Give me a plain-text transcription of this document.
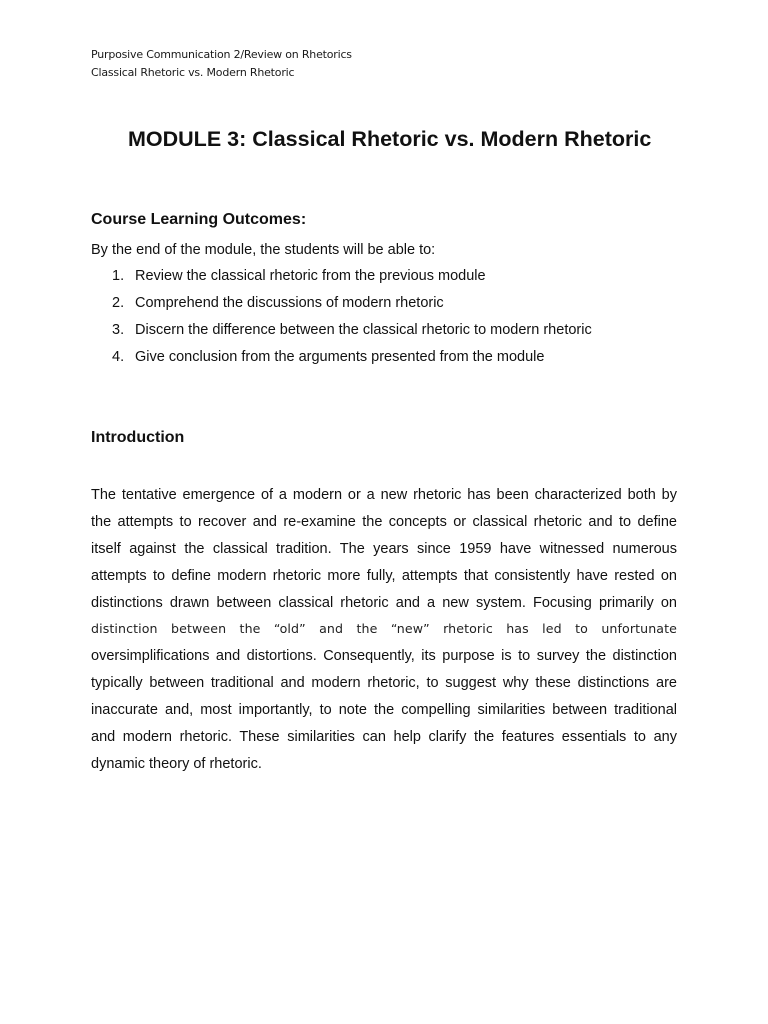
Purposive Communication 2/Review on Rhetorics
Classical Rhetoric vs. Modern Rhetoric
MODULE 3: Classical Rhetoric vs. Modern Rhetoric
Course Learning Outcomes:

By the end of the module, the students will be able to:

1. Review the classical rhetoric from the previous module
2. Comprehend the discussions of modern rhetoric
3. Discern the difference between the classical rhetoric to modern rhetoric
4. Give conclusion from the arguments presented from the module
Introduction
The tentative emergence of a modern or a new rhetoric has been characterized both by
the attempts to recover and re-examine the concepts or classical rhetoric and to define
itself against the classical tradition. The years since 1959 have witnessed numerous
attempts to define modern rhetoric more fully, attempts that consistently have rested on
distinctions drawn between classical rhetoric and a new system. Focusing primarily on
distinction between the “old” and the “new” rhetoric has led to unfortunate
oversimplifications and distortions. Consequently, its purpose is to survey the distinction
typically between traditional and modern rhetoric, to suggest why these distinctions are
inaccurate and, most importantly, to note the compelling similarities between traditional
and modern rhetoric. These similarities can help clarify the features essentials to any
dynamic theory of rhetoric.
